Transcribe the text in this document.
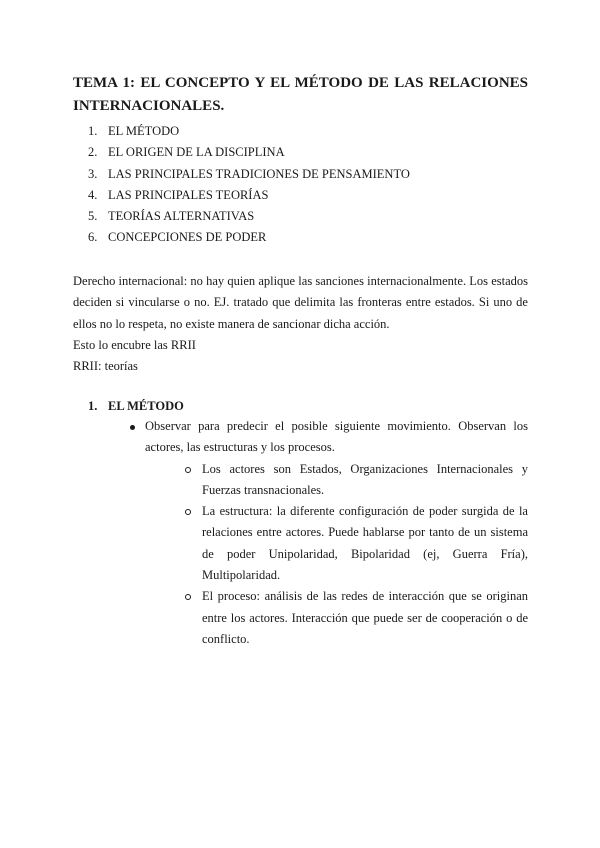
TEMA 1: EL CONCEPTO Y EL MÉTODO DE LAS RELACIONES INTERNACIONALES.
1. EL MÉTODO
2. EL ORIGEN DE LA DISCIPLINA
3. LAS PRINCIPALES TRADICIONES DE PENSAMIENTO
4. LAS PRINCIPALES TEORÍAS
5. TEORÍAS ALTERNATIVAS
6. CONCEPCIONES DE PODER

Derecho internacional: no hay quien aplique las sanciones internacionalmente. Los estados deciden si vincularse o no. EJ. tratado que delimita las fronteras entre estados. Si uno de ellos no lo respeta, no existe manera de sancionar dicha acción.
Esto lo encubre las RRII
RRII: teorías

1. EL MÉTODO
Observar para predecir el posible siguiente movimiento. Observan los actores, las estructuras y los procesos.
Los actores son Estados, Organizaciones Internacionales y Fuerzas transnacionales.
La estructura: la diferente configuración de poder surgida de la relaciones entre actores. Puede hablarse por tanto de un sistema de poder Unipolaridad, Bipolaridad (ej, Guerra Fría), Multipolaridad.
El proceso: análisis de las redes de interacción que se originan entre los actores. Interacción que puede ser de cooperación o de conflicto.
